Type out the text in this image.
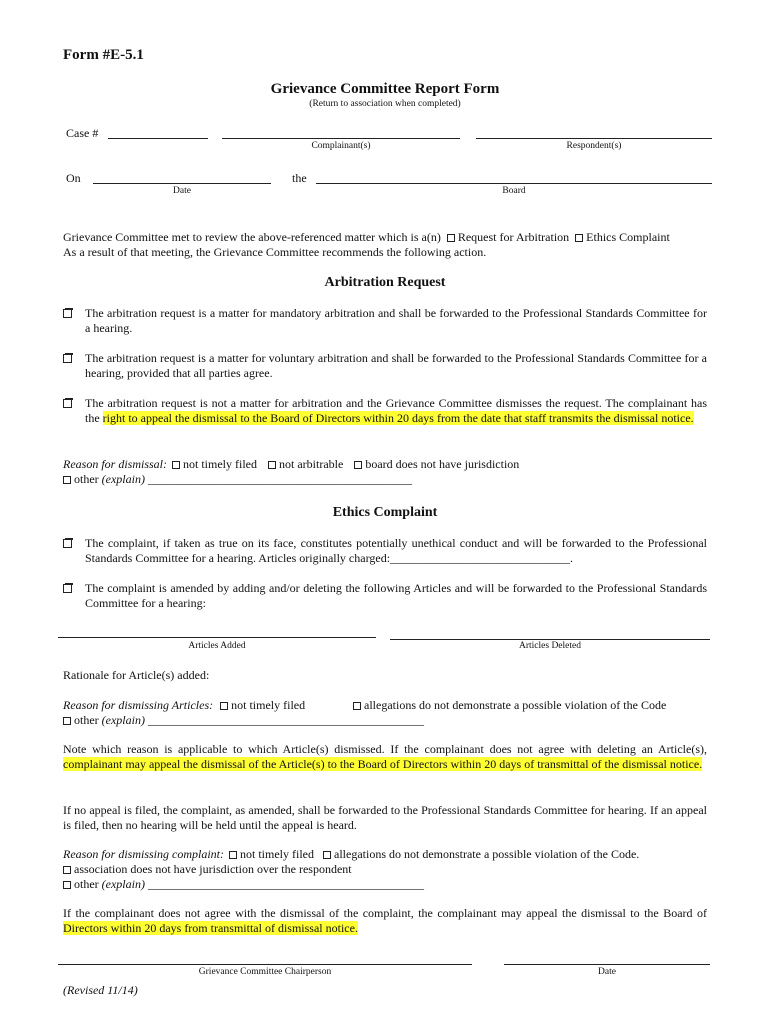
Form #E-5.1
Grievance Committee Report Form
(Return to association when completed)
Case #
Complainant(s)	Respondent(s)
On	the
Date	Board
Grievance Committee met to review the above-referenced matter which is a(n) Request for Arbitration Ethics Complaint
As a result of that meeting, the Grievance Committee recommends the following action.
Arbitration Request
The arbitration request is a matter for mandatory arbitration and shall be forwarded to the Professional Standards Committee for a hearing.
The arbitration request is a matter for voluntary arbitration and shall be forwarded to the Professional Standards Committee for a hearing, provided that all parties agree.
The arbitration request is not a matter for arbitration and the Grievance Committee dismisses the request. The complainant has the right to appeal the dismissal to the Board of Directors within 20 days from the date that staff transmits the dismissal notice.
Reason for dismissal: not timely filed not arbitrable board does not have jurisdiction
other (explain) ____________________________________________
Ethics Complaint
The complaint, if taken as true on its face, constitutes potentially unethical conduct and will be forwarded to the Professional Standards Committee for a hearing. Articles originally charged:______________________________.
The complaint is amended by adding and/or deleting the following Articles and will be forwarded to the Professional Standards Committee for a hearing:
Articles Added	Articles Deleted
Rationale for Article(s) added:
Reason for dismissing Articles: not timely filed	allegations do not demonstrate a possible violation of the Code
other (explain) ______________________________________________
Note which reason is applicable to which Article(s) dismissed. If the complainant does not agree with deleting an Article(s), complainant may appeal the dismissal of the Article(s) to the Board of Directors within 20 days of transmittal of the dismissal notice.
If no appeal is filed, the complaint, as amended, shall be forwarded to the Professional Standards Committee for hearing. If an appeal is filed, then no hearing will be held until the appeal is heard.
Reason for dismissing complaint: not timely filed allegations do not demonstrate a possible violation of the Code.
association does not have jurisdiction over the respondent
other (explain) ______________________________________________
If the complainant does not agree with the dismissal of the complaint, the complainant may appeal the dismissal to the Board of Directors within 20 days from transmittal of dismissal notice.
Grievance Committee Chairperson	Date
(Revised 11/14)
